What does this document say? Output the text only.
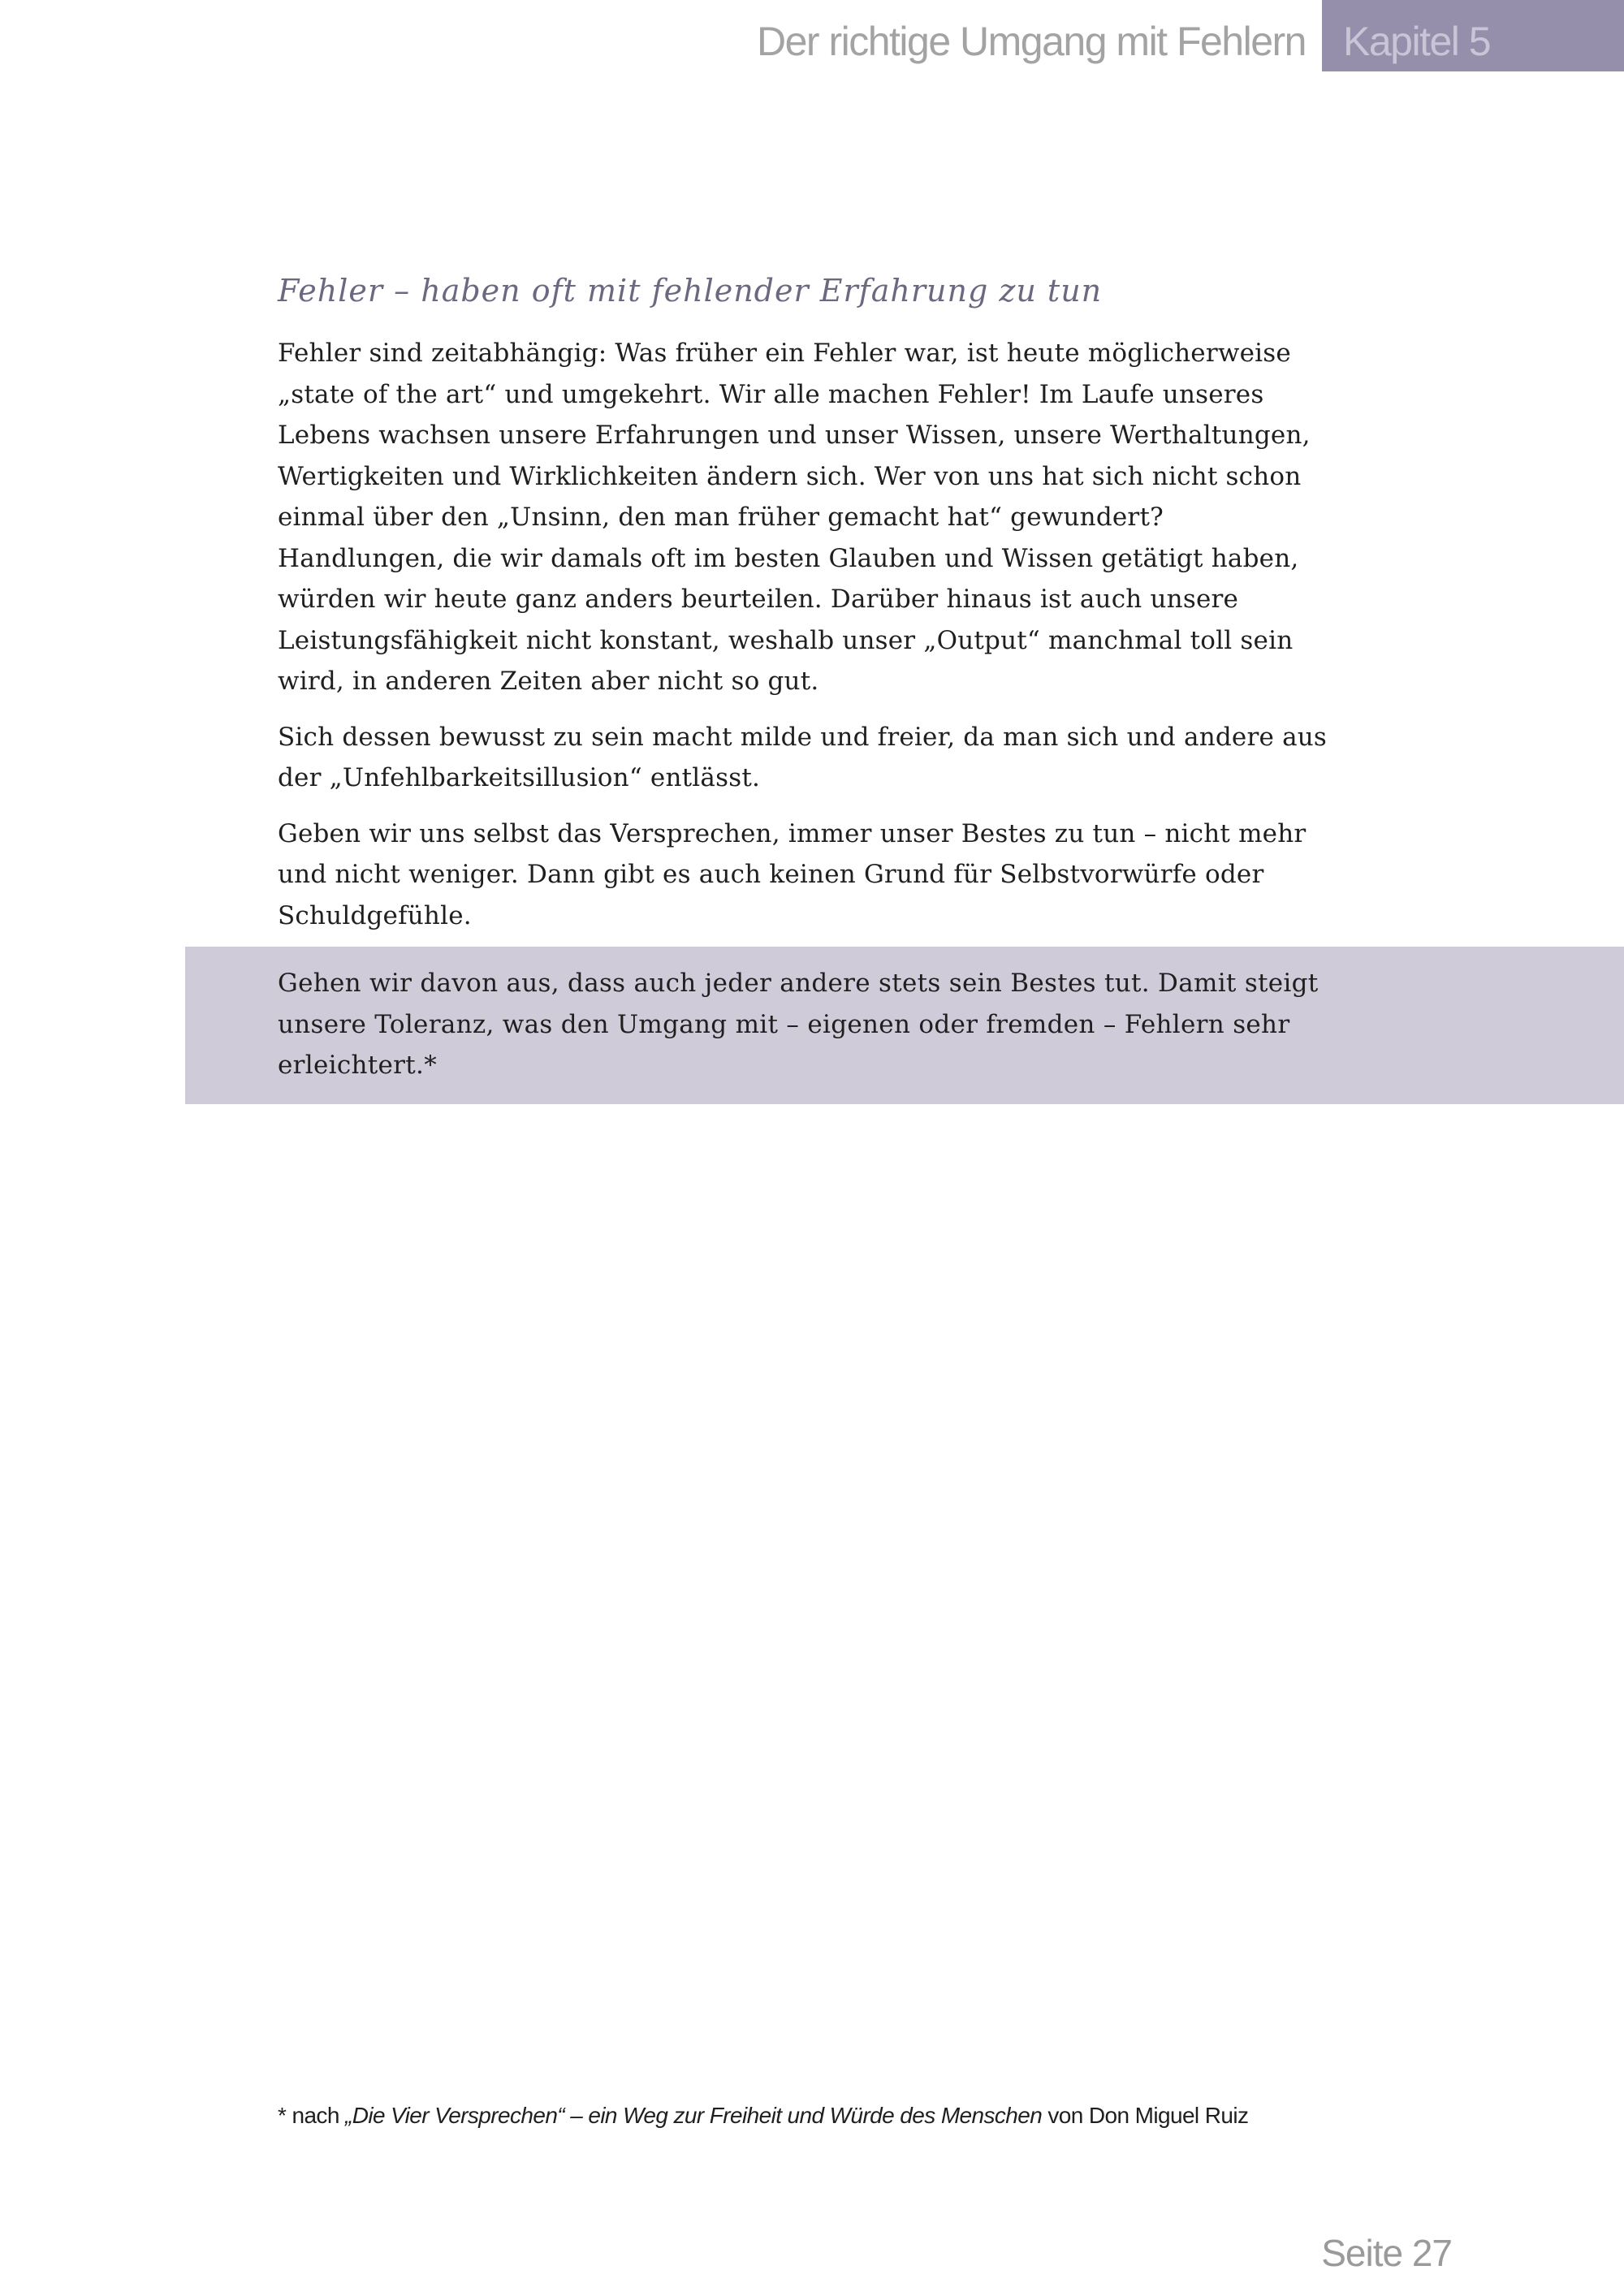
Der richtige Umgang mit Fehlern Kapitel 5
Fehler – haben oft mit fehlender Erfahrung zu tun

Fehler sind zeitabhängig: Was früher ein Fehler war, ist heute möglicherweise „state of the art“ und umgekehrt. Wir alle machen Fehler! Im Laufe unseres Lebens wachsen unsere Erfahrungen und unser Wissen, unsere Werthaltungen, Wertigkeiten und Wirklichkeiten ändern sich. Wer von uns hat sich nicht schon einmal über den „Unsinn, den man früher gemacht hat“ gewundert? Handlungen, die wir damals oft im besten Glauben und Wissen getätigt haben, würden wir heute ganz anders beurteilen. Darüber hinaus ist auch unsere Leistungsfähigkeit nicht konstant, weshalb unser „Output“ manchmal toll sein wird, in anderen Zeiten aber nicht so gut.

Sich dessen bewusst zu sein macht milde und freier, da man sich und andere aus der „Unfehlbarkeitsillusion“ entlässt.

Geben wir uns selbst das Versprechen, immer unser Bestes zu tun – nicht mehr und nicht weniger. Dann gibt es auch keinen Grund für Selbstvorwürfe oder Schuldgefühle.

Gehen wir davon aus, dass auch jeder andere stets sein Bestes tut. Damit steigt unsere Toleranz, was den Umgang mit – eigenen oder fremden – Fehlern sehr erleichtert.*

* nach „Die Vier Versprechen“ – ein Weg zur Freiheit und Würde des Menschen von Don Miguel Ruiz

Seite 27
